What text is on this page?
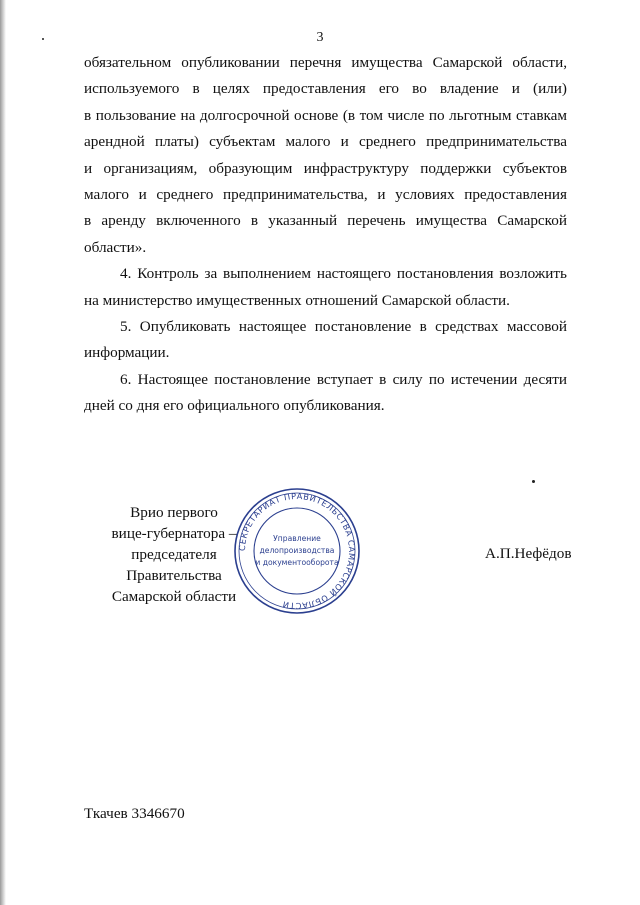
3
обязательном опубликовании перечня имущества Самарской области,
используемого в целях предоставления его во владение и (или)
в пользование на долгосрочной основе (в том числе по льготным ставкам
арендной платы) субъектам малого и среднего предпринимательства
и организациям, образующим инфраструктуру поддержки субъектов
малого и среднего предпринимательства, и условиях предоставления
в аренду включенного в указанный перечень имущества Самарской
области».
4. Контроль за выполнением настоящего постановления возложить
на министерство имущественных отношений Самарской области.
5. Опубликовать настоящее постановление в средствах массовой
информации.
6. Настоящее постановление вступает в силу по истечении десяти
дней со дня его официального опубликования.
Врио первого
вице-губернатора –
председателя Правительства
Самарской области
СЕКРЕТАРИАТ ПРАВИТЕЛЬСТВА САМАРСКОЙ ОБЛАСТИ
Управление
делопроизводства
и документооборота
А.П.Нефёдов
Ткачев 3346670
